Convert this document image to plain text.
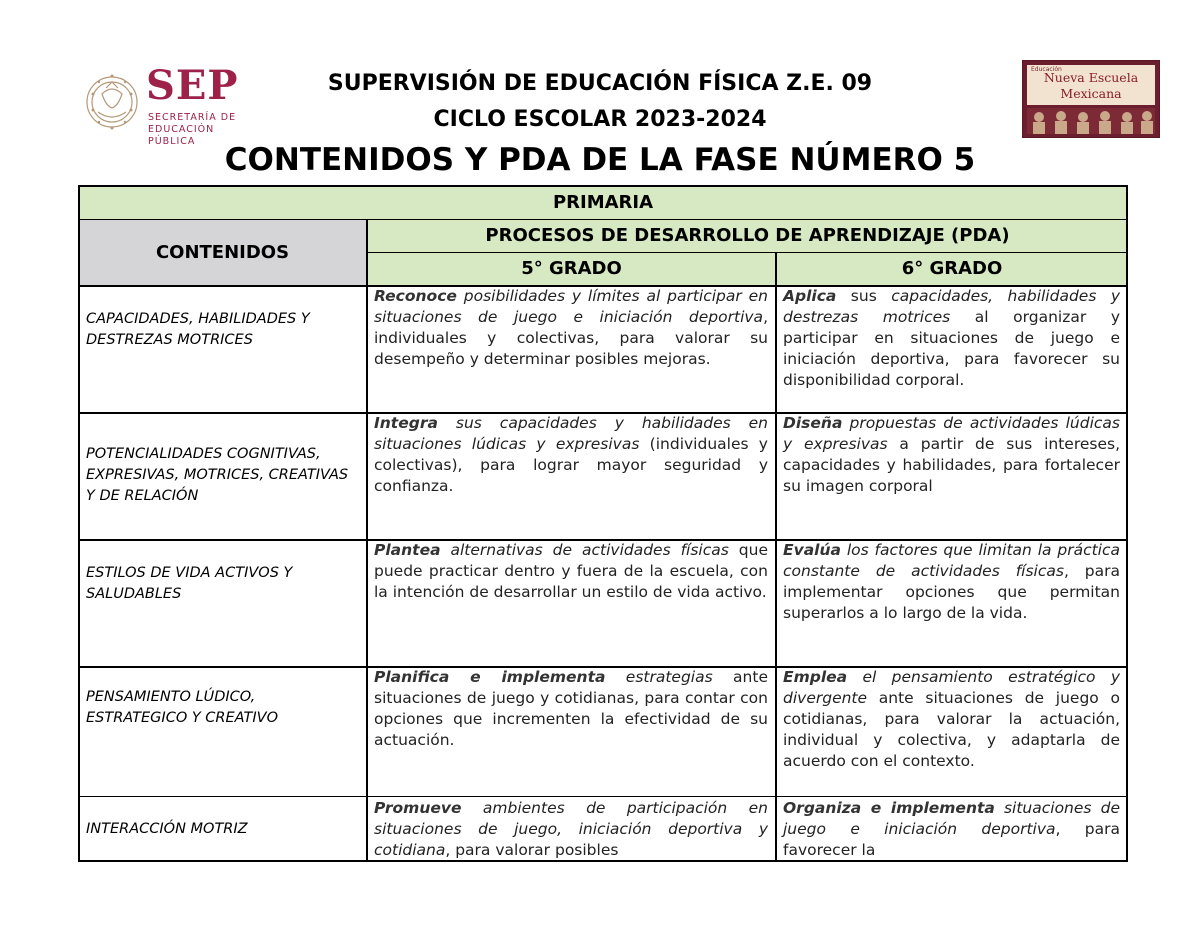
SEP
SECRETARÍA DE
EDUCACIÓN PÚBLICA
SUPERVISIÓN DE EDUCACIÓN FÍSICA Z.E. 09
CICLO ESCOLAR 2023-2024
CONTENIDOS Y PDA DE LA FASE NÚMERO 5
Educación
Nueva Escuela
Mexicana
PRIMARIA
CONTENIDOS
PROCESOS DE DESARROLLO DE APRENDIZAJE (PDA)
5° GRADO	6° GRADO
CAPACIDADES, HABILIDADES Y DESTREZAS MOTRICES
Reconoce posibilidades y límites al participar en situaciones de juego e iniciación deportiva, individuales y colectivas, para valorar su desempeño y determinar posibles mejoras.
Aplica sus capacidades, habilidades y destrezas motrices al organizar y participar en situaciones de juego e iniciación deportiva, para favorecer su disponibilidad corporal.
POTENCIALIDADES COGNITIVAS, EXPRESIVAS, MOTRICES, CREATIVAS Y DE RELACIÓN
Integra sus capacidades y habilidades en situaciones lúdicas y expresivas (individuales y colectivas), para lograr mayor seguridad y confianza.
Diseña propuestas de actividades lúdicas y expresivas a partir de sus intereses, capacidades y habilidades, para fortalecer su imagen corporal
ESTILOS DE VIDA ACTIVOS Y SALUDABLES
Plantea alternativas de actividades físicas que puede practicar dentro y fuera de la escuela, con la intención de desarrollar un estilo de vida activo.
Evalúa los factores que limitan la práctica constante de actividades físicas, para implementar opciones que permitan superarlos a lo largo de la vida.
PENSAMIENTO LÚDICO, ESTRATEGICO Y CREATIVO
Planifica e implementa estrategias ante situaciones de juego y cotidianas, para contar con opciones que incrementen la efectividad de su actuación.
Emplea el pensamiento estratégico y divergente ante situaciones de juego o cotidianas, para valorar la actuación, individual y colectiva, y adaptarla de acuerdo con el contexto.
INTERACCIÓN MOTRIZ
Promueve ambientes de participación en situaciones de juego, iniciación deportiva y cotidiana, para valorar posibles
Organiza e implementa situaciones de juego e iniciación deportiva, para favorecer la
